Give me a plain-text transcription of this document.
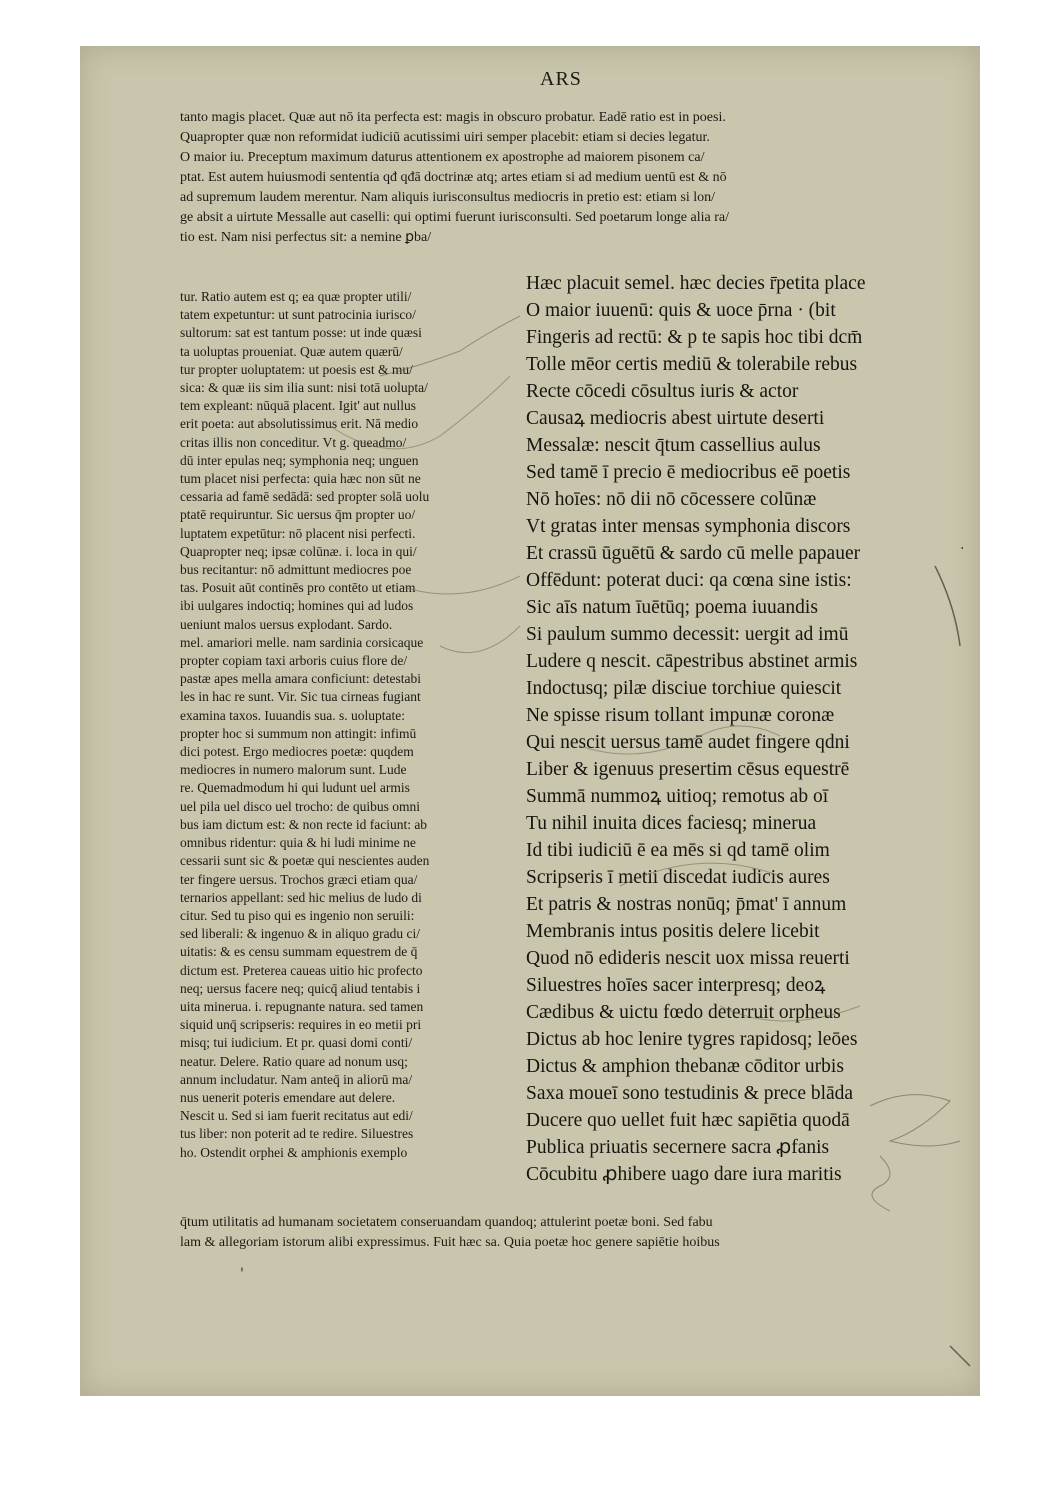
ARS
tanto magis placet. Quæ aut nō ita perfecta est: magis in obscuro probatur. Eadē ratio est in poesi.
Quapropter quæ non reformidat iudiciū acutissimi uiri semper placebit: etiam si decies legatur.
O maior iu. Preceptum maximum daturus attentionem ex apostrophe ad maiorem pisonem ca/
ptat. Est autem huiusmodi sententia qđ qđā doctrinæ atq; artes etiam si ad medium uentū est & nō
ad supremum laudem merentur. Nam aliquis iurisconsultus mediocris in pretio est: etiam si lon/
ge absit a uirtute Messalle aut caselli: qui optimi fuerunt iurisconsulti. Sed poetarum longe alia ra/
tio est. Nam nisi perfectus sit: a nemine ꝑba/
tur. Ratio autem est q; ea quæ propter utili/
tatem expetuntur: ut sunt patrocinia iurisco/
sultorum: sat est tantum posse: ut inde quæsi
ta uoluptas proueniat. Quæ autem quærū/
tur propter uoluptatem: ut poesis est & mu/
sica: & quæ iis sim ilia sunt: nisi totā uolupta/
tem expleant: nūquā placent. Igit' aut nullus
erit poeta: aut absolutissimus erit. Nā medio
critas illis non conceditur. Vt g. queadmo/
dū inter epulas neq; symphonia neq; unguen
tum placet nisi perfecta: quia hæc non sūt ne
cessaria ad famē sedādā: sed propter solā uolu
ptatē requiruntur. Sic uersus q̄m propter uo/
luptatem expetūtur: nō placent nisi perfecti.
Quapropter neq; ipsæ colūnæ. i. loca in qui/
bus recitantur: nō admittunt mediocres poe
tas. Posuit aūt continēs pro contēto ut etiam
ibi uulgares indoctiq; homines qui ad ludos
ueniunt malos uersus explodant. Sardo.
mel. amariori melle. nam sardinia corsicaque
propter copiam taxi arboris cuius flore de/
pastæ apes mella amara conficiunt: detestabi
les in hac re sunt. Vir. Sic tua cirneas fugiant
examina taxos. Iuuandis sua. s. uoluptate:
propter hoc si summum non attingit: infimū
dici potest. Ergo mediocres poetæ: quqdem
mediocres in numero malorum sunt. Lude
re. Quemadmodum hi qui ludunt uel armis
uel pila uel disco uel trocho: de quibus omni
bus iam dictum est: & non recte id faciunt: ab
omnibus ridentur: quia & hi ludi minime ne
cessarii sunt sic & poetæ qui nescientes auden
ter fingere uersus. Trochos græci etiam qua/
ternarios appellant: sed hic melius de ludo di
citur. Sed tu piso qui es ingenio non seruili:
sed liberali: & ingenuo & in aliquo gradu ci/
uitatis: & es censu summam equestrem de q̄
dictum est. Preterea caueas uitio hic profecto
neq; uersus facere neq; quicq̄ aliud tentabis i
uita minerua. i. repugnante natura. sed tamen
siquid unq̄ scripseris: requires in eo metii pri
misq; tui iudicium. Et pr. quasi domi conti/
neatur. Delere. Ratio quare ad nonum usq;
annum includatur. Nam anteq̄ in aliorū ma/
nus uenerit poteris emendare aut delere.
Nescit u. Sed si iam fuerit recitatus aut edi/
tus liber: non poterit ad te redire. Siluestres
ho. Ostendit orphei & amphionis exemplo
Hæc placuit semel. hæc decies r̄petita place
O maior iuuenū: quis & uoce p̄rna · (bit
Fingeris ad rectū: & p te sapis hoc tibi dcm̄
Tolle mēor certis mediū & tolerabile rebus
Recte cōcedi cōsultus iuris & actor
Causaꝝ mediocris abest uirtute deserti
Messalæ: nescit q̄tum cassellius aulus
Sed tamē ī precio ē mediocribus eē poetis
Nō hoīes: nō dii nō cōcessere colūnæ
Vt gratas inter mensas symphonia discors
Et crassū ūguētū & sardo cū melle papauer
Offēdunt: poterat duci: qa cœna sine istis:
Sic aīs natum īuētūq; poema iuuandis
Si paulum summo decessit: uergit ad imū
Ludere q nescit. cāpestribus abstinet armis
Indoctusq; pilæ disciue torchiue quiescit
Ne spisse risum tollant impunæ coronæ
Qui nescit uersus tamē audet fingere qdni
Liber & igenuus presertim cēsus equestrē
Summā nummoꝝ uitioq; remotus ab oī
Tu nihil inuita dices faciesq; minerua
Id tibi iudiciū ē ea mēs si qd tamē olim
Scripseris ī metii discedat iudicis aures
Et patris & nostras nonūq; p̄mat' ī annum
Membranis intus positis delere licebit
Quod nō edideris nescit uox missa reuerti
Siluestres hoīes sacer interpresq; deoꝝ
Cædibus & uictu fœdo deterruit orpheus
Dictus ab hoc lenire tygres rapidosq; leōes
Dictus & amphion thebanæ cōditor urbis
Saxa moueī sono testudinis & prece blāda
Ducere quo uellet fuit hæc sapiētia quodā
Publica priuatis secernere sacra ꝓfanis
Cōcubitu ꝓhibere uago dare iura maritis
q̄tum utilitatis ad humanam societatem conseruandam quandoq; attulerint poetæ boni. Sed fabu
lam & allegoriam istorum alibi expressimus. Fuit hæc sa. Quia poetæ hoc genere sapiētie hoibus
·
'
